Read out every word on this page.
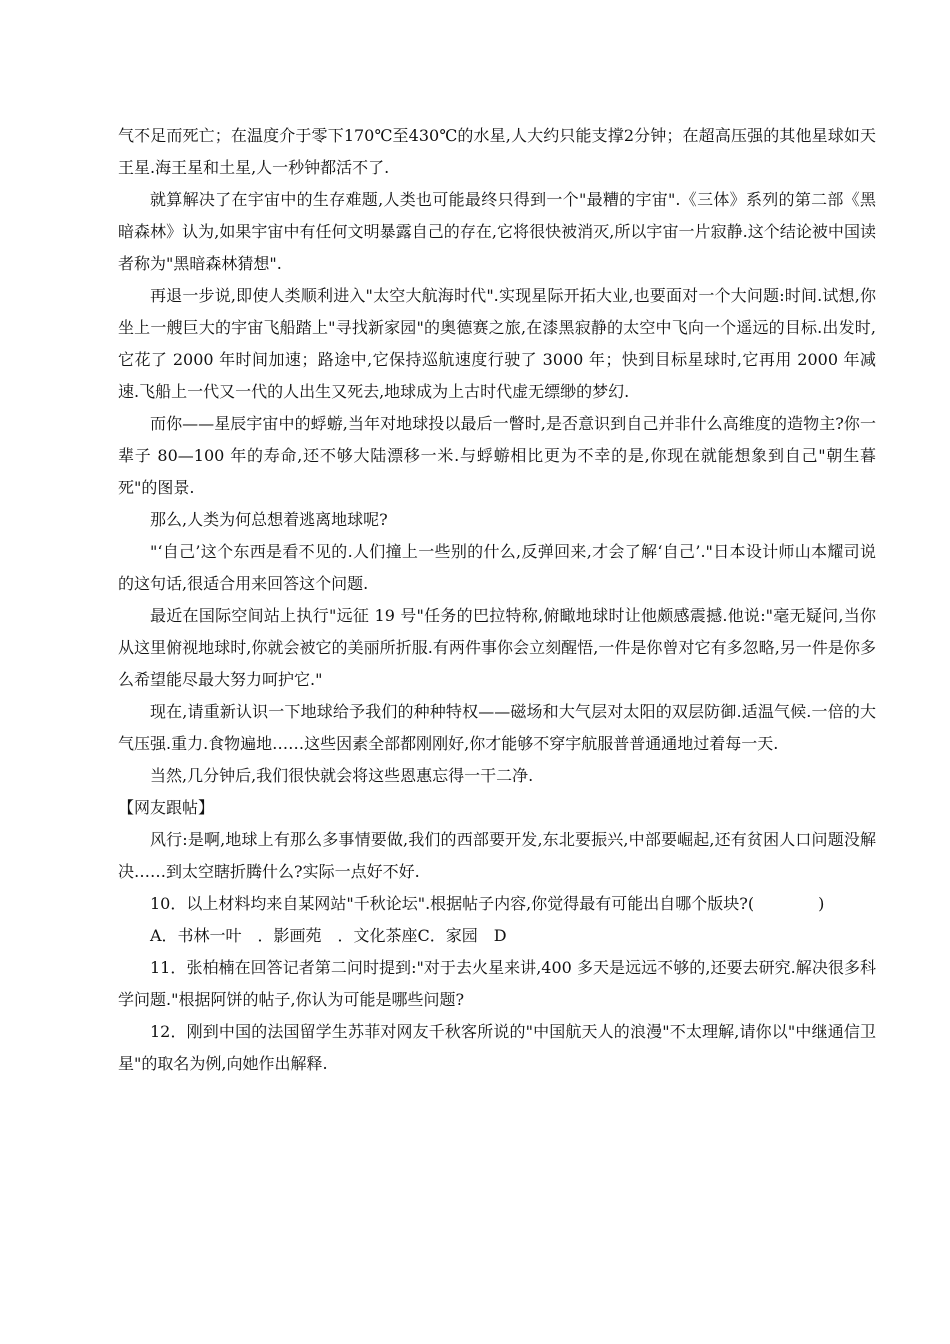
气不足而死亡；在温度介于零下170℃至430℃的水星,人大约只能支撑2分钟；在超高压强的其他星球如天王星.海王星和土星,人一秒钟都活不了.

就算解决了在宇宙中的生存难题,人类也可能最终只得到一个"最糟的宇宙".《三体》系列的第二部《黑暗森林》认为,如果宇宙中有任何文明暴露自己的存在,它将很快被消灭,所以宇宙一片寂静.这个结论被中国读者称为"黑暗森林猜想".

再退一步说,即使人类顺利进入"太空大航海时代".实现星际开拓大业,也要面对一个大问题:时间.试想,你坐上一艘巨大的宇宙飞船踏上"寻找新家园"的奥德赛之旅,在漆黑寂静的太空中飞向一个遥远的目标.出发时,它花了 2000 年时间加速；路途中,它保持巡航速度行驶了 3000 年；快到目标星球时,它再用 2000 年减速.飞船上一代又一代的人出生又死去,地球成为上古时代虚无缥缈的梦幻.

而你——星辰宇宙中的蜉蝣,当年对地球投以最后一瞥时,是否意识到自己并非什么高维度的造物主?你一辈子 80—100 年的寿命,还不够大陆漂移一米.与蜉蝣相比更为不幸的是,你现在就能想象到自己"朝生暮死"的图景.

那么,人类为何总想着逃离地球呢?

"‘自己’这个东西是看不见的.人们撞上一些别的什么,反弹回来,才会了解‘自己’."日本设计师山本耀司说的这句话,很适合用来回答这个问题.

最近在国际空间站上执行"远征 19 号"任务的巴拉特称,俯瞰地球时让他颇感震撼.他说:"毫无疑问,当你从这里俯视地球时,你就会被它的美丽所折服.有两件事你会立刻醒悟,一件是你曾对它有多忽略,另一件是你多么希望能尽最大努力呵护它."

现在,请重新认识一下地球给予我们的种种特权——磁场和大气层对太阳的双层防御.适温气候.一倍的大气压强.重力.食物遍地……这些因素全部都刚刚好,你才能够不穿宇航服普普通通地过着每一天.

当然,几分钟后,我们很快就会将这些恩惠忘得一干二净.

【网友跟帖】

风行:是啊,地球上有那么多事情要做,我们的西部要开发,东北要振兴,中部要崛起,还有贫困人口问题没解决……到太空瞎折腾什么?实际一点好不好.

10．以上材料均来自某网站"千秋论坛".根据帖子内容,你觉得最有可能出自哪个版块?(　　　　)

A．书林一叶　．影画苑　．文化茶座C．家园　D

11．张柏楠在回答记者第二问时提到:"对于去火星来讲,400 多天是远远不够的,还要去研究.解决很多科学问题."根据阿饼的帖子,你认为可能是哪些问题?

12．刚到中国的法国留学生苏菲对网友千秋客所说的"中国航天人的浪漫"不太理解,请你以"中继通信卫星"的取名为例,向她作出解释.
